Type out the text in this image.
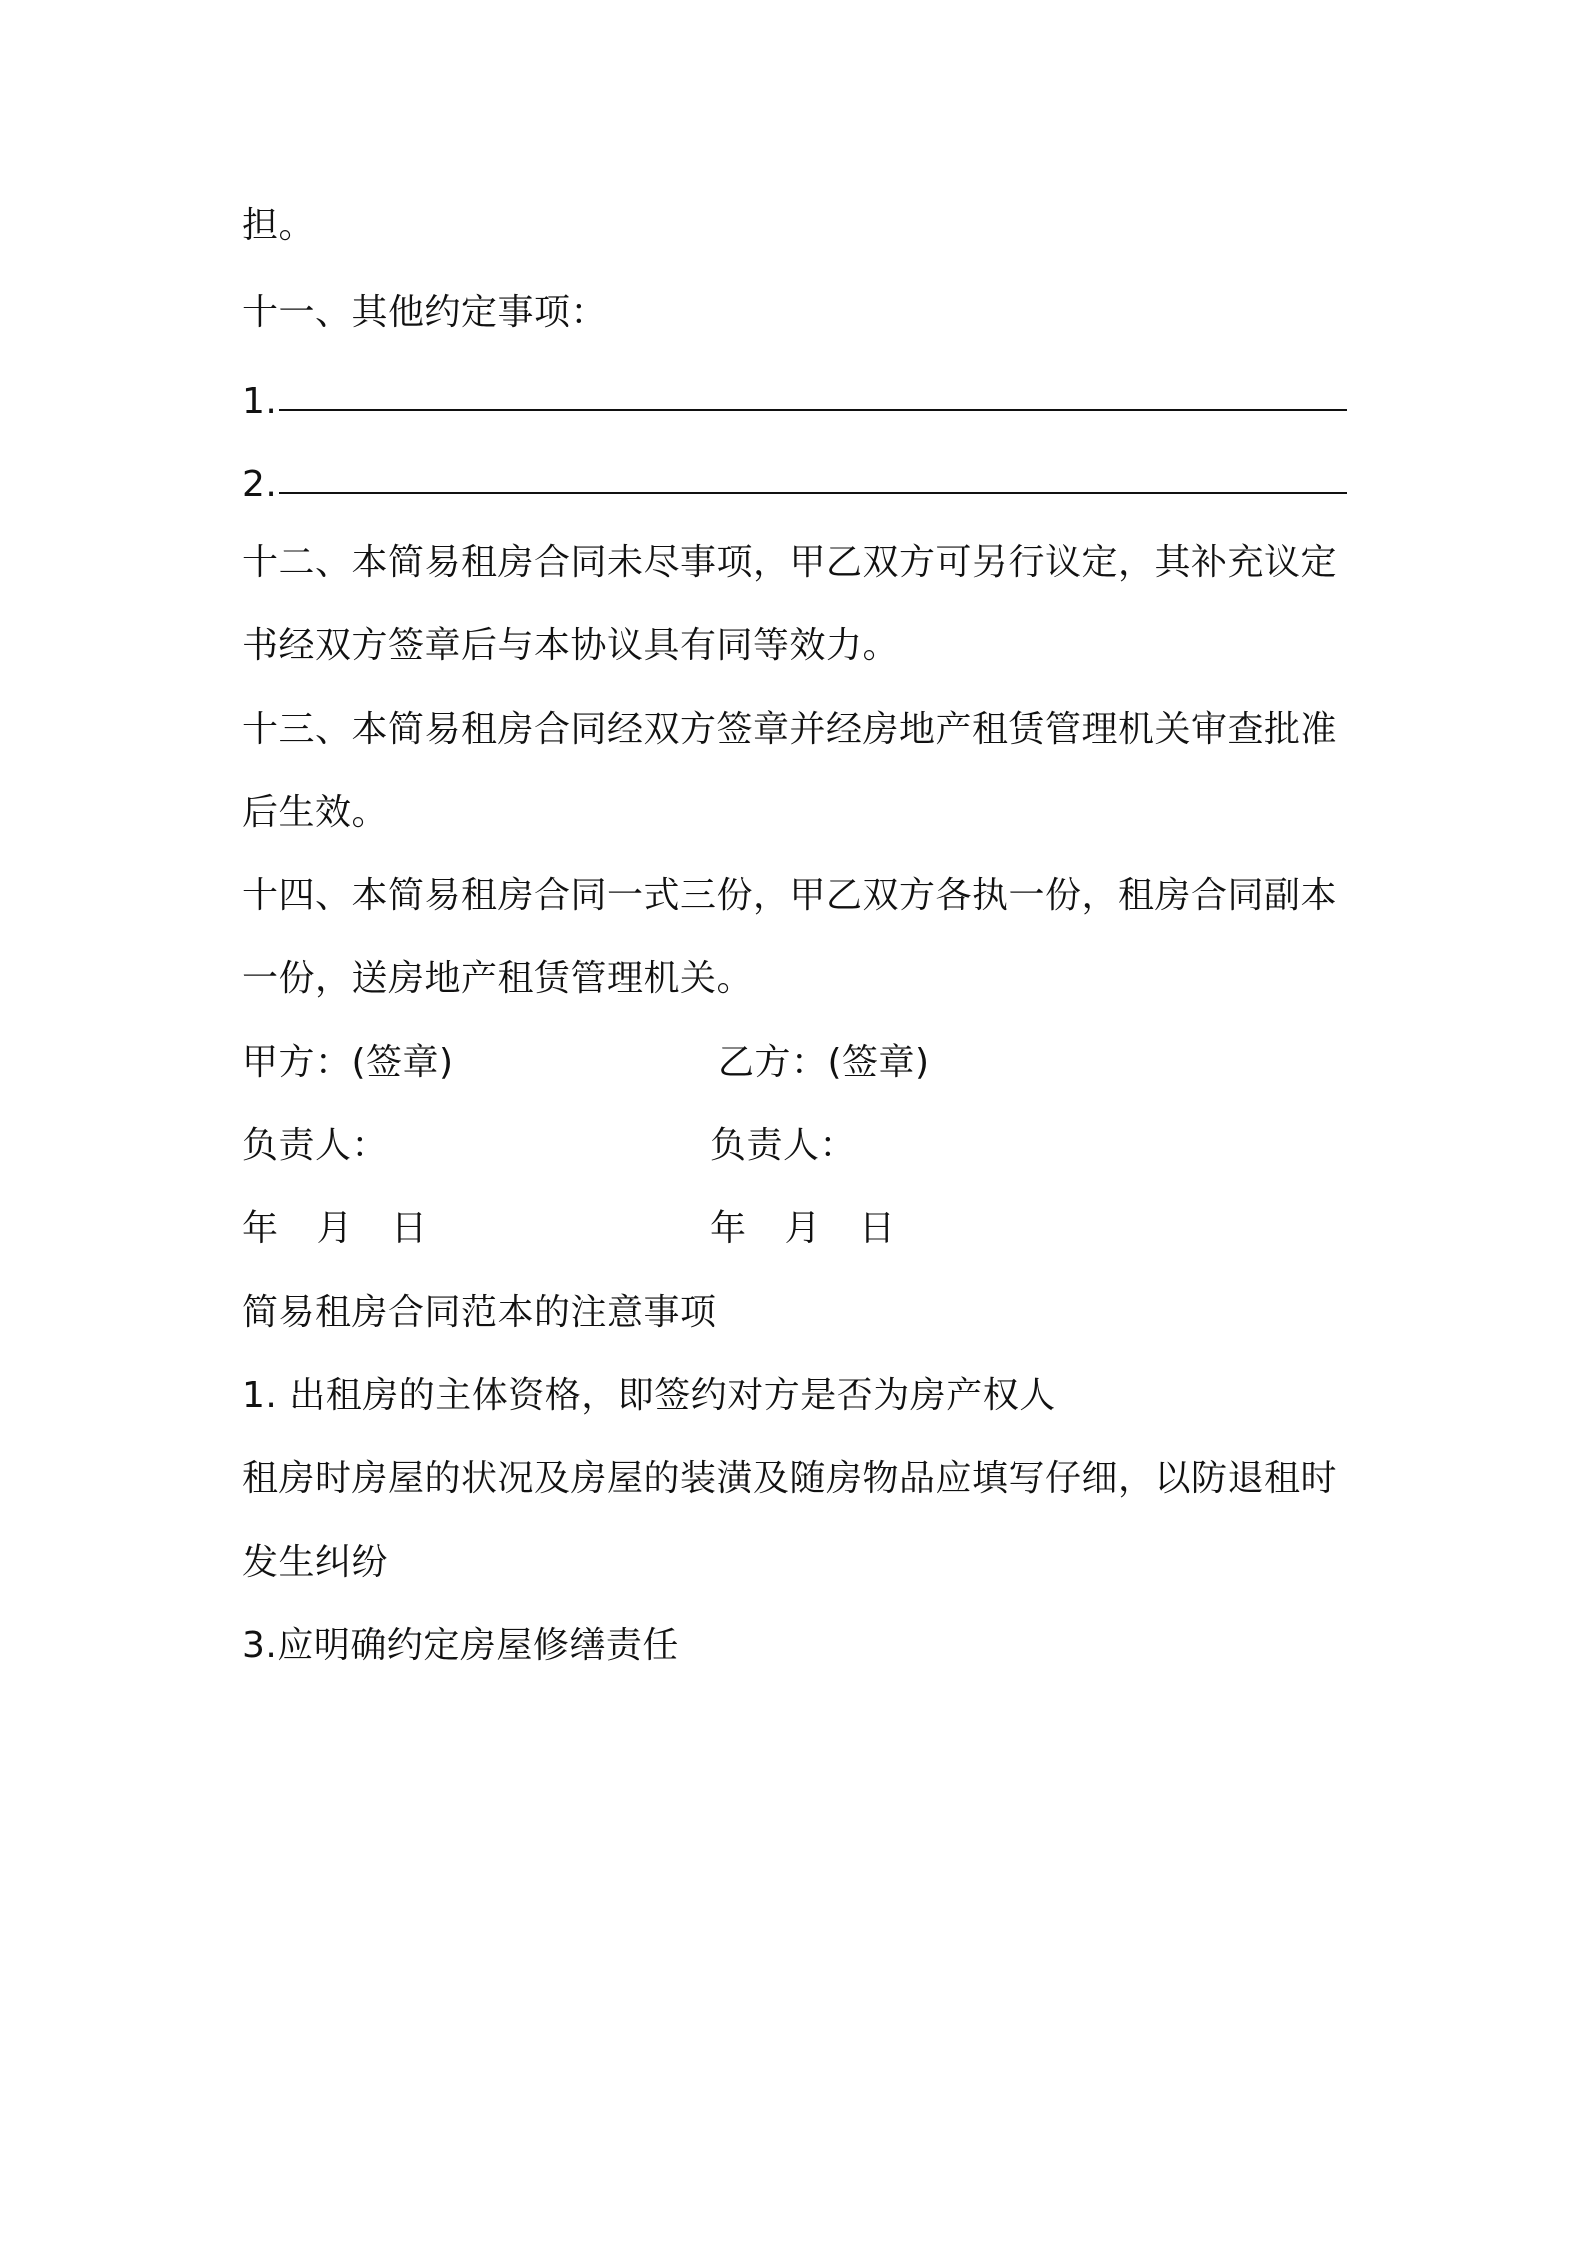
担。
十一、其他约定事项：
1.
2.
十二、本简易租房合同未尽事项，甲乙双方可另行议定，其补充议定
书经双方签章后与本协议具有同等效力。
十三、本简易租房合同经双方签章并经房地产租赁管理机关审查批准
后生效。
十四、本简易租房合同一式三份，甲乙双方各执一份，租房合同副本
一份，送房地产租赁管理机关。
甲方：(签章)	乙方：(签章)
负责人：	负责人：
年 月 日	年 月 日
简易租房合同范本的注意事项
1. 出租房的主体资格，即签约对方是否为房产权人
租房时房屋的状况及房屋的装潢及随房物品应填写仔细，以防退租时
发生纠纷
3.应明确约定房屋修缮责任
